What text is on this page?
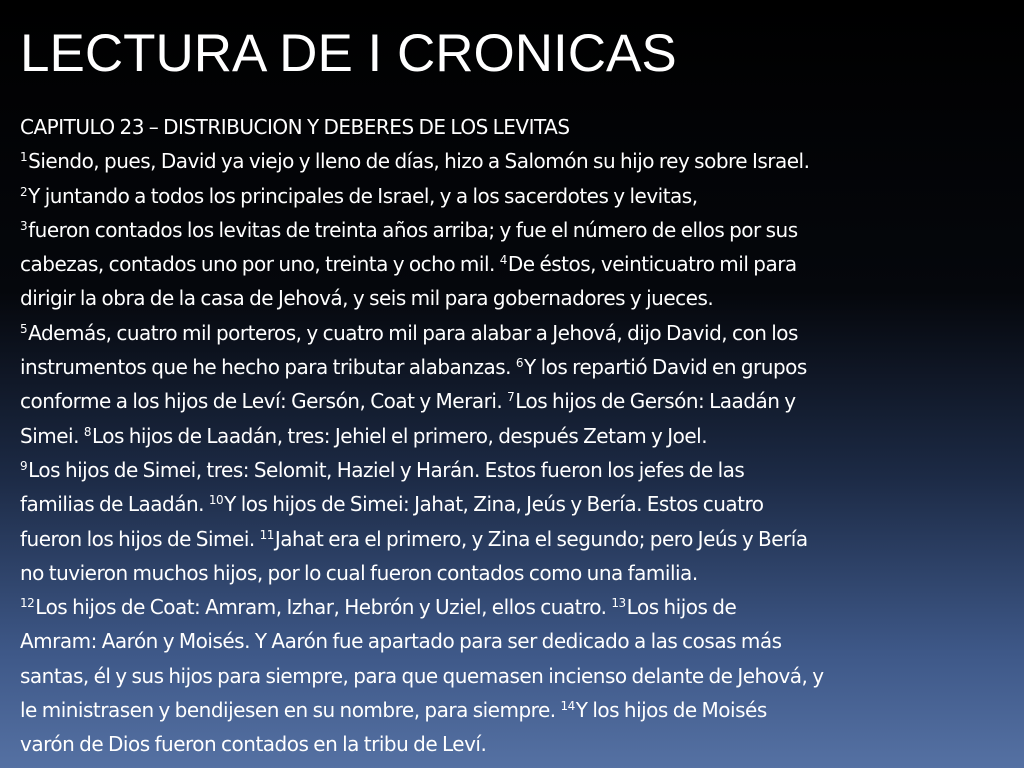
LECTURA DE I CRONICAS
CAPITULO 23 – DISTRIBUCION Y DEBERES DE LOS LEVITAS
$^1$Siendo, pues, David ya viejo y lleno de días, hizo a Salomón su hijo rey sobre Israel.
$^2$Y juntando a todos los principales de Israel, y a los sacerdotes y levitas,
$^3$fueron contados los levitas de treinta años arriba; y fue el número de ellos por sus
cabezas, contados uno por uno, treinta y ocho mil. $^4$De éstos, veinticuatro mil para
dirigir la obra de la casa de Jehová, y seis mil para gobernadores y jueces.
$^5$Además, cuatro mil porteros, y cuatro mil para alabar a Jehová, dijo David, con los
instrumentos que he hecho para tributar alabanzas. $^6$Y los repartió David en grupos
conforme a los hijos de Leví: Gersón, Coat y Merari. $^7$Los hijos de Gersón: Laadán y
Simei. $^8$Los hijos de Laadán, tres: Jehiel el primero, después Zetam y Joel.
$^9$Los hijos de Simei, tres: Selomit, Haziel y Harán. Estos fueron los jefes de las
familias de Laadán. $^{10}$Y los hijos de Simei: Jahat, Zina, Jeús y Bería. Estos cuatro
fueron los hijos de Simei. $^{11}$Jahat era el primero, y Zina el segundo; pero Jeús y Bería
no tuvieron muchos hijos, por lo cual fueron contados como una familia.
$^{12}$Los hijos de Coat: Amram, Izhar, Hebrón y Uziel, ellos cuatro. $^{13}$Los hijos de
Amram: Aarón y Moisés. Y Aarón fue apartado para ser dedicado a las cosas más
santas, él y sus hijos para siempre, para que quemasen incienso delante de Jehová, y
le ministrasen y bendijesen en su nombre, para siempre. $^{14}$Y los hijos de Moisés
varón de Dios fueron contados en la tribu de Leví.
